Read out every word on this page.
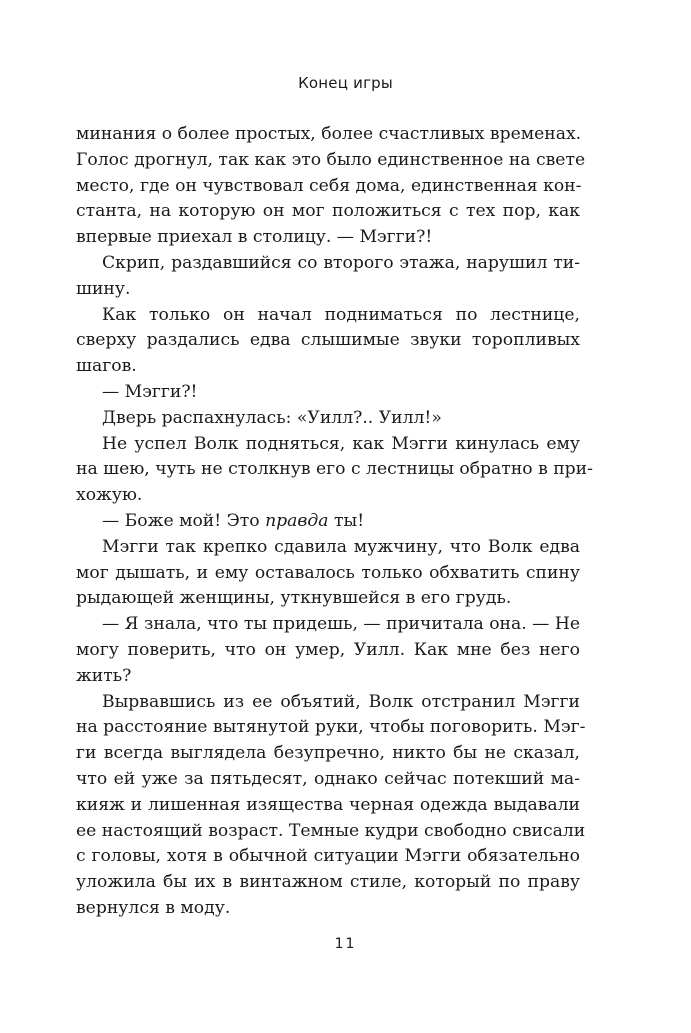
Конец игры
минания о более простых, более счастливых временах.
Голос дрогнул, так как это было единственное на свете
место, где он чувствовал себя дома, единственная кон-
станта, на которую он мог положиться с тех пор, как
впервые приехал в столицу. — Мэгги?!
Скрип, раздавшийся со второго этажа, нарушил ти-
шину.
Как только он начал подниматься по лестнице,
сверху раздались едва слышимые звуки торопливых
шагов.
— Мэгги?!
Дверь распахнулась: «Уилл?.. Уилл!»
Не успел Волк подняться, как Мэгги кинулась ему
на шею, чуть не столкнув его с лестницы обратно в при-
хожую.
— Боже мой! Это правда ты!
Мэгги так крепко сдавила мужчину, что Волк едва
мог дышать, и ему оставалось только обхватить спину
рыдающей женщины, уткнувшейся в его грудь.
— Я знала, что ты придешь, — причитала она. — Не
могу поверить, что он умер, Уилл. Как мне без него
жить?
Вырвавшись из ее объятий, Волк отстранил Мэгги
на расстояние вытянутой руки, чтобы поговорить. Мэг-
ги всегда выглядела безупречно, никто бы не сказал,
что ей уже за пятьдесят, однако сейчас потекший ма-
кияж и лишенная изящества черная одежда выдавали
ее настоящий возраст. Темные кудри свободно свисали
с головы, хотя в обычной ситуации Мэгги обязательно
уложила бы их в винтажном стиле, который по праву
вернулся в моду.
11
